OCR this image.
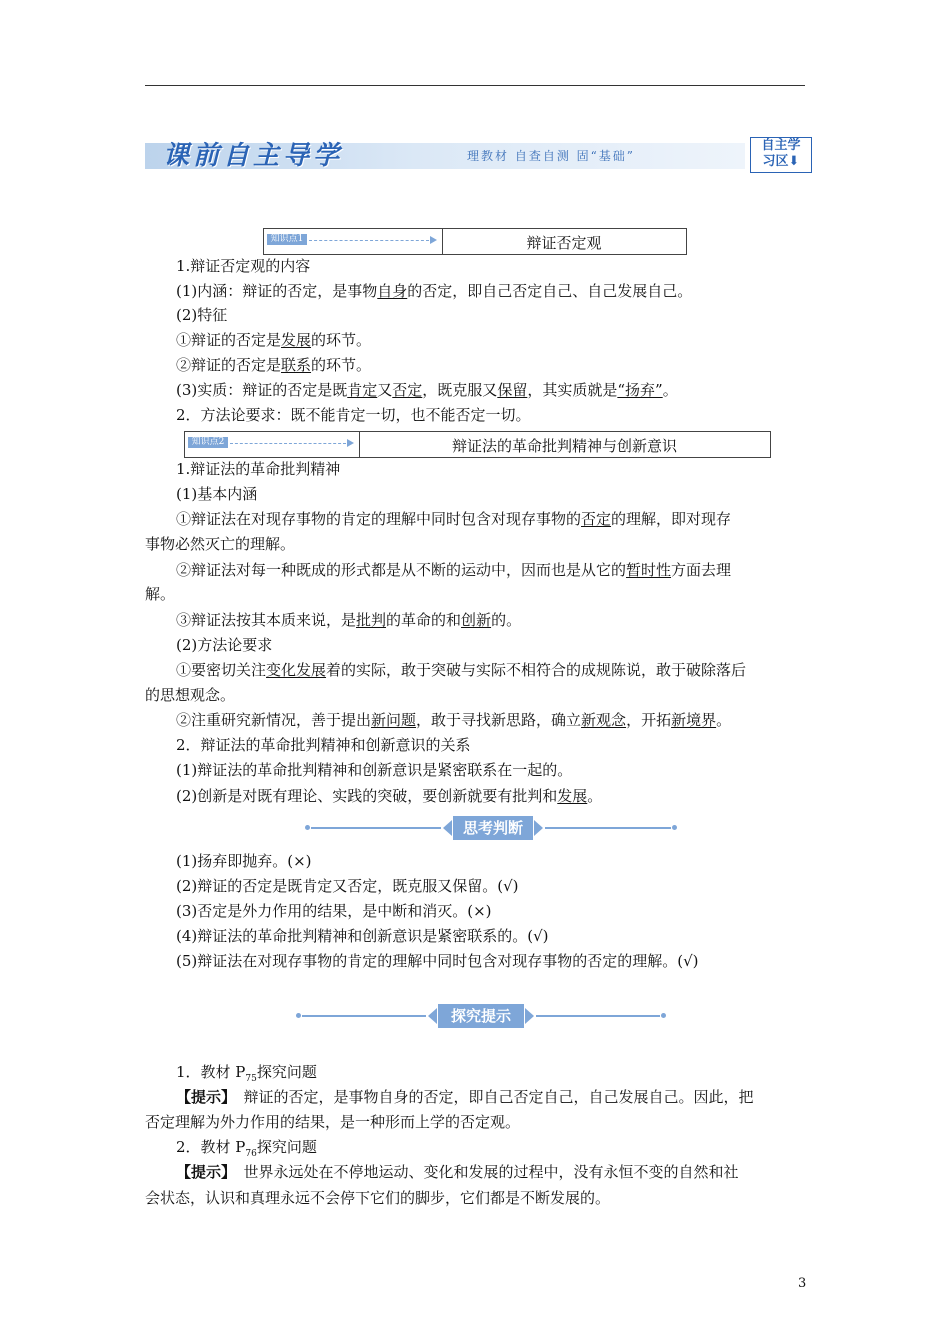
课前自主导学	理教材 自查自测 固“基础”
自主学
习区⬇
知识点1	辩证否定观
1.辩证否定观的内容
(1)内涵：辩证的否定，是事物自身的否定，即自己否定自己、自己发展自己。
(2)特征
①辩证的否定是发展的环节。
②辩证的否定是联系的环节。
(3)实质：辩证的否定是既肯定又否定，既克服又保留，其实质就是“扬弃”。
2．方法论要求：既不能肯定一切，也不能否定一切。
知识点2	辩证法的革命批判精神与创新意识
1.辩证法的革命批判精神
(1)基本内涵
①辩证法在对现存事物的肯定的理解中同时包含对现存事物的否定的理解，即对现存
事物必然灭亡的理解。
②辩证法对每一种既成的形式都是从不断的运动中，因而也是从它的暂时性方面去理
解。
③辩证法按其本质来说，是批判的革命的和创新的。
(2)方法论要求
①要密切关注变化发展着的实际，敢于突破与实际不相符合的成规陈说，敢于破除落后
的思想观念。
②注重研究新情况，善于提出新问题，敢于寻找新思路，确立新观念，开拓新境界。
2．辩证法的革命批判精神和创新意识的关系
(1)辩证法的革命批判精神和创新意识是紧密联系在一起的。
(2)创新是对既有理论、实践的突破，要创新就要有批判和发展。
思考判断
(1)扬弃即抛弃。(×)
(2)辩证的否定是既肯定又否定，既克服又保留。(√)
(3)否定是外力作用的结果，是中断和消灭。(×)
(4)辩证法的革命批判精神和创新意识是紧密联系的。(√)
(5)辩证法在对现存事物的肯定的理解中同时包含对现存事物的否定的理解。(√)
探究提示
1．教材 $P_{75}$探究问题
【提示】　辩证的否定，是事物自身的否定，即自己否定自己，自己发展自己。因此，把
否定理解为外力作用的结果，是一种形而上学的否定观。
2．教材 $P_{76}$探究问题
【提示】　世界永远处在不停地运动、变化和发展的过程中，没有永恒不变的自然和社
会状态，认识和真理永远不会停下它们的脚步，它们都是不断发展的。
3
